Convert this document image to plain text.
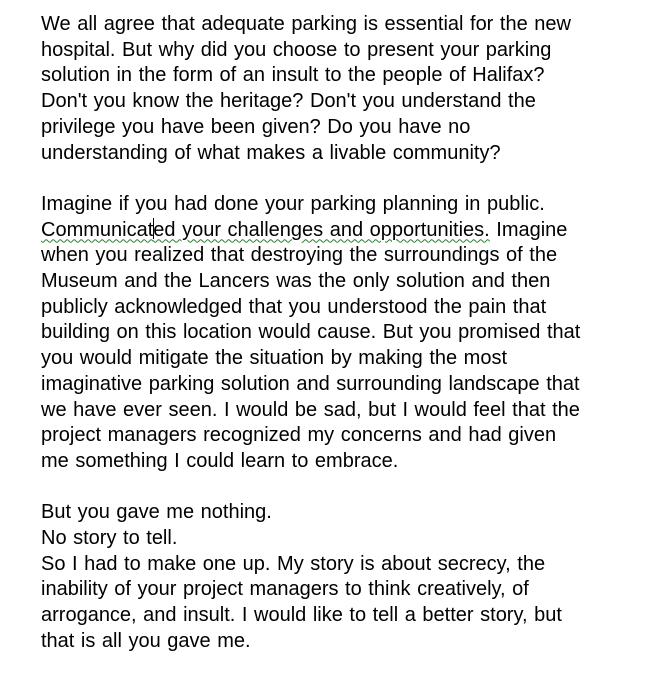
We all agree that adequate parking is essential for the new
hospital. But why did you choose to present your parking
solution in the form of an insult to the people of Halifax?
Don't you know the heritage? Don't you understand the
privilege you have been given? Do you have no
understanding of what makes a livable community?

Imagine if you had done your parking planning in public.
Communicated your challenges and opportunities. Imagine
when you realized that destroying the surroundings of the
Museum and the Lancers was the only solution and then
publicly acknowledged that you understood the pain that
building on this location would cause. But you promised that
you would mitigate the situation by making the most
imaginative parking solution and surrounding landscape that
we have ever seen. I would be sad, but I would feel that the
project managers recognized my concerns and had given
me something I could learn to embrace.

But you gave me nothing.
No story to tell.
So I had to make one up. My story is about secrecy, the
inability of your project managers to think creatively, of
arrogance, and insult. I would like to tell a better story, but
that is all you gave me.
